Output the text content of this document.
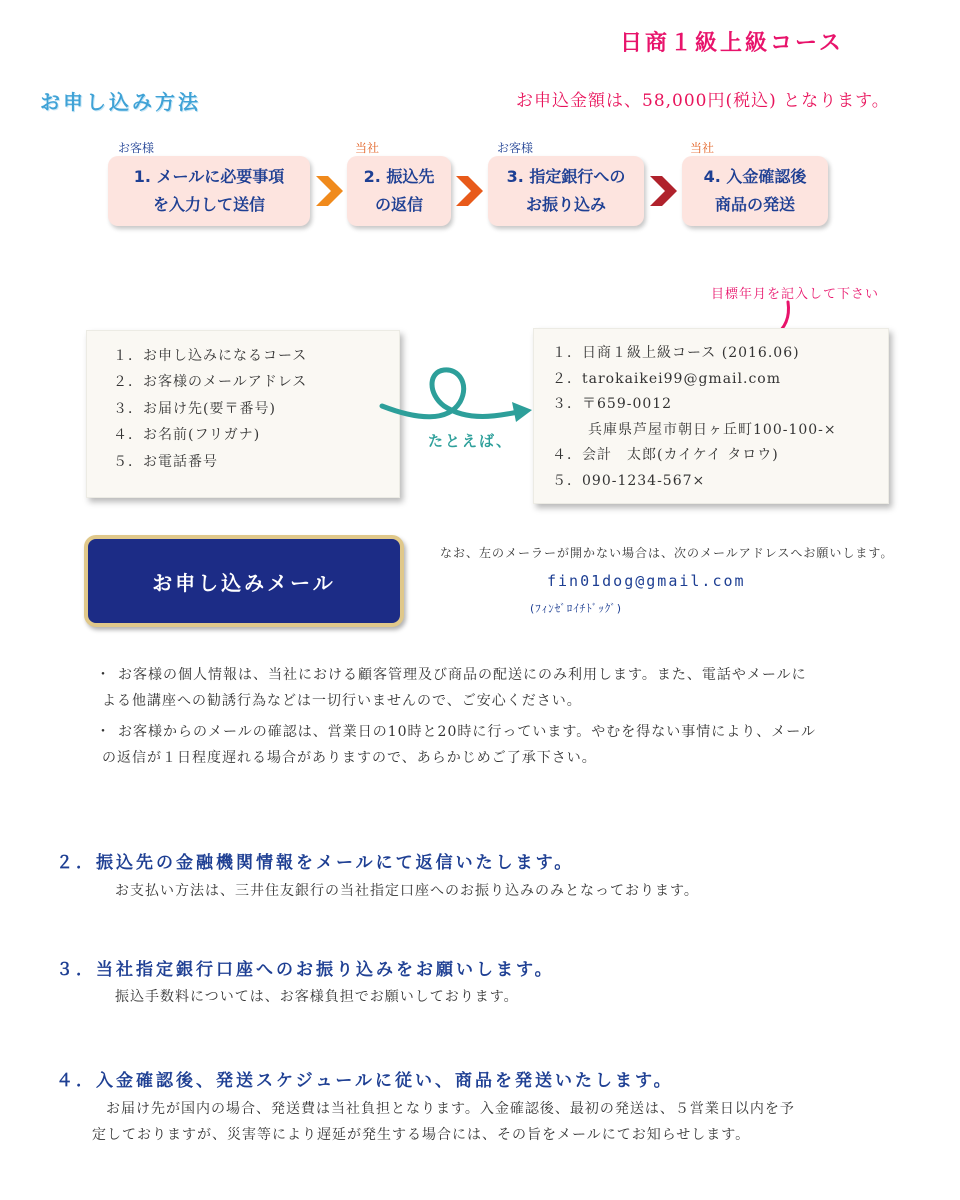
日商１級上級コース
お申し込み方法	お申込金額は、58,000円(税込) となります。
お客様
1. メールに必要事項
を入力して送信
当社
2. 振込先
の返信
お客様
3. 指定銀行への
お振り込み
当社
4. 入金確認後
商品の発送
目標年月を記入して下さい
１．お申し込みになるコース
２．お客様のメールアドレス
３．お届け先(要〒番号)
４．お名前(フリガナ)
５．お電話番号
たとえば、
１．日商１級上級コース (2016.06)
２．tarokaikei99@gmail.com
３．〒659-0012
兵庫県芦屋市朝日ヶ丘町100-100-×
４．会計　太郎(カイケイ タロウ)
５．090-1234-567×
お申し込みメール
なお、左のメーラーが開かない場合は、次のメールアドレスへお願いします。
fin01dog@gmail.com
(ﾌｨﾝｾﾞﾛｲﾁﾄﾞｯｸﾞ)
・ お客様の個人情報は、当社における顧客管理及び商品の配送にのみ利用します。また、電話やメールに
よる他講座への勧誘行為などは一切行いませんので、ご安心ください。
・ お客様からのメールの確認は、営業日の10時と20時に行っています。やむを得ない事情により、メール
の返信が１日程度遅れる場合がありますので、あらかじめご了承下さい。
２．振込先の金融機関情報をメールにて返信いたします。
お支払い方法は、三井住友銀行の当社指定口座へのお振り込みのみとなっております。
３．当社指定銀行口座へのお振り込みをお願いします。
振込手数料については、お客様負担でお願いしております。
４．入金確認後、発送スケジュールに従い、商品を発送いたします。
お届け先が国内の場合、発送費は当社負担となります。入金確認後、最初の発送は、５営業日以内を予
定しておりますが、災害等により遅延が発生する場合には、その旨をメールにてお知らせします。
